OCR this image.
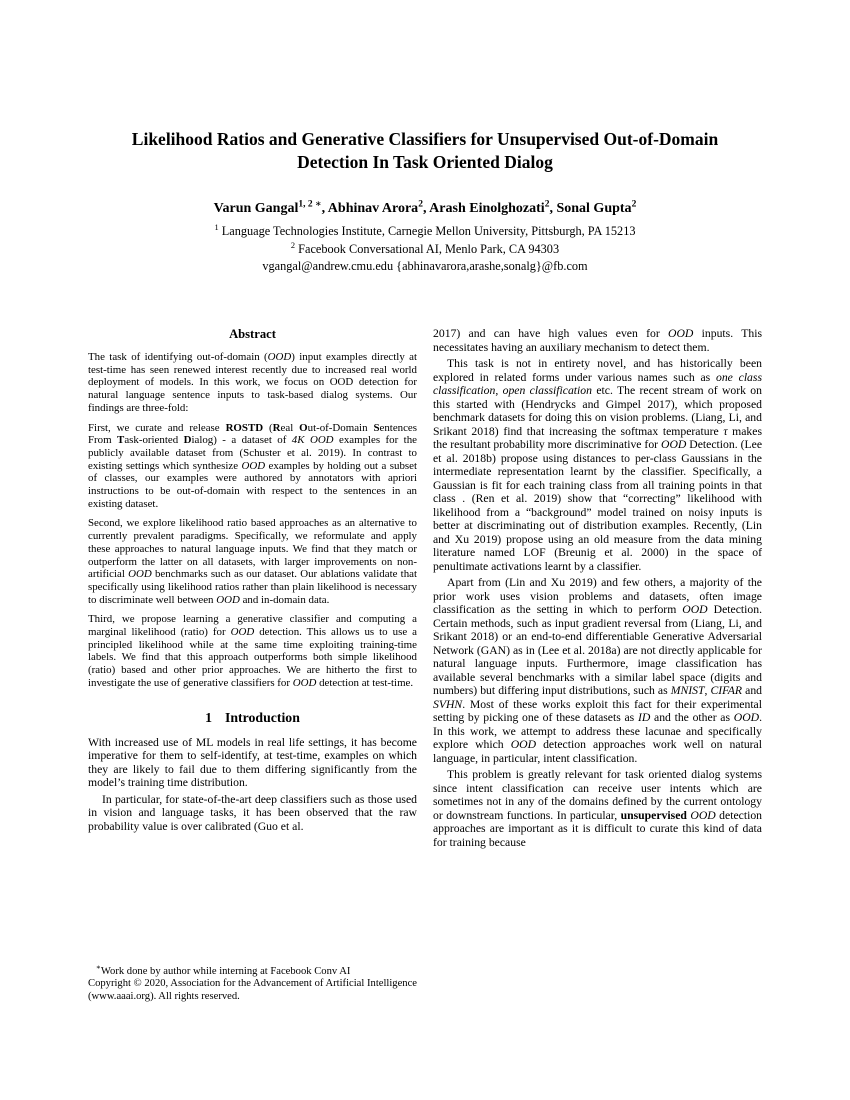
Likelihood Ratios and Generative Classifiers for Unsupervised Out-of-Domain
Detection In Task Oriented Dialog
Varun Gangal$^{1, 2 ∗}$, Abhinav Arora$^2$, Arash Einolghozati$^2$, Sonal Gupta$^2$
$^1$ Language Technologies Institute, Carnegie Mellon University, Pittsburgh, PA 15213
$^2$ Facebook Conversational AI, Menlo Park, CA 94303
vgangal@andrew.cmu.edu {abhinavarora,arashe,sonalg}@fb.com
Abstract

The task of identifying out-of-domain (OOD) input examples directly at test-time has seen renewed interest recently due to increased real world deployment of models. In this work, we focus on OOD detection for natural language sentence inputs to task-based dialog systems. Our findings are three-fold:

First, we curate and release ROSTD (Real Out-of-Domain Sentences From Task-oriented Dialog) - a dataset of 4K OOD examples for the publicly available dataset from (Schuster et al. 2019). In contrast to existing settings which synthesize OOD examples by holding out a subset of classes, our examples were authored by annotators with apriori instructions to be out-of-domain with respect to the sentences in an existing dataset.

Second, we explore likelihood ratio based approaches as an alternative to currently prevalent paradigms. Specifically, we reformulate and apply these approaches to natural language inputs. We find that they match or outperform the latter on all datasets, with larger improvements on non-artificial OOD benchmarks such as our dataset. Our ablations validate that specifically using likelihood ratios rather than plain likelihood is necessary to discriminate well between OOD and in-domain data.

Third, we propose learning a generative classifier and computing a marginal likelihood (ratio) for OOD detection. This allows us to use a principled likelihood while at the same time exploiting training-time labels. We find that this approach outperforms both simple likelihood (ratio) based and other prior approaches. We are hitherto the first to investigate the use of generative classifiers for OOD detection at test-time.

1 Introduction

With increased use of ML models in real life settings, it has become imperative for them to self-identify, at test-time, examples on which they are likely to fail due to them differing significantly from the model’s training time distribution.

In particular, for state-of-the-art deep classifiers such as those used in vision and language tasks, it has been observed that the raw probability value is over calibrated (Guo et al.

∗Work done by author while interning at Facebook Conv AI

Copyright © 2020, Association for the Advancement of Artificial Intelligence (www.aaai.org). All rights reserved.

2017) and can have high values even for OOD inputs. This necessitates having an auxiliary mechanism to detect them.

This task is not in entirety novel, and has historically been explored in related forms under various names such as one class classification, open classification etc. The recent stream of work on this started with (Hendrycks and Gimpel 2017), which proposed benchmark datasets for doing this on vision problems. (Liang, Li, and Srikant 2018) find that increasing the softmax temperature τ makes the resultant probability more discriminative for OOD Detection. (Lee et al. 2018b) propose using distances to per-class Gaussians in the intermediate representation learnt by the classifier. Specifically, a Gaussian is fit for each training class from all training points in that class . (Ren et al. 2019) show that “correcting” likelihood with likelihood from a “background” model trained on noisy inputs is better at discriminating out of distribution examples. Recently, (Lin and Xu 2019) propose using an old measure from the data mining literature named LOF (Breunig et al. 2000) in the space of penultimate activations learnt by a classifier.

Apart from (Lin and Xu 2019) and few others, a majority of the prior work uses vision problems and datasets, often image classification as the setting in which to perform OOD Detection. Certain methods, such as input gradient reversal from (Liang, Li, and Srikant 2018) or an end-to-end differentiable Generative Adversarial Network (GAN) as in (Lee et al. 2018a) are not directly applicable for natural language inputs. Furthermore, image classification has available several benchmarks with a similar label space (digits and numbers) but differing input distributions, such as MNIST, CIFAR and SVHN. Most of these works exploit this fact for their experimental setting by picking one of these datasets as ID and the other as OOD. In this work, we attempt to address these lacunae and specifically explore which OOD detection approaches work well on natural language, in particular, intent classification.

This problem is greatly relevant for task oriented dialog systems since intent classification can receive user intents which are sometimes not in any of the domains defined by the current ontology or downstream functions. In particular, unsupervised OOD detection approaches are important as it is difficult to curate this kind of data for training because
